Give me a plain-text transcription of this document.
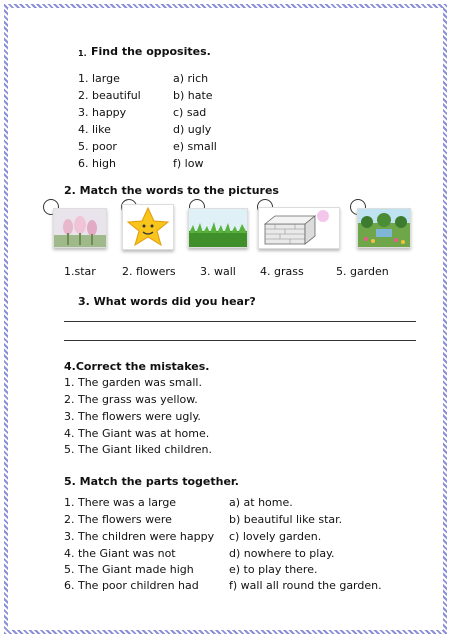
1. Find the opposites.
1. large
2. beautiful
3. happy
4. like
5. poor
6. high
a) rich
b) hate
c) sad
d) ugly
e) small
f) low
2. Match the words to the pictures
1.star 2. flowers 3. wall 4. grass	5. garden
3. What words did you hear?
4.Correct the mistakes.
1. The garden was small.
2. The grass was yellow.
3. The flowers were ugly.
4. The Giant was at home.
5. The Giant liked children.
5. Match the parts together.
1. There was a large
2. The flowers were
3. The children were happy
4. the Giant was not
5. The Giant made high
6. The poor children had
a) at home.
b) beautiful like star.
c) lovely garden.
d) nowhere to play.
e) to play there.
f) wall all round the garden.
